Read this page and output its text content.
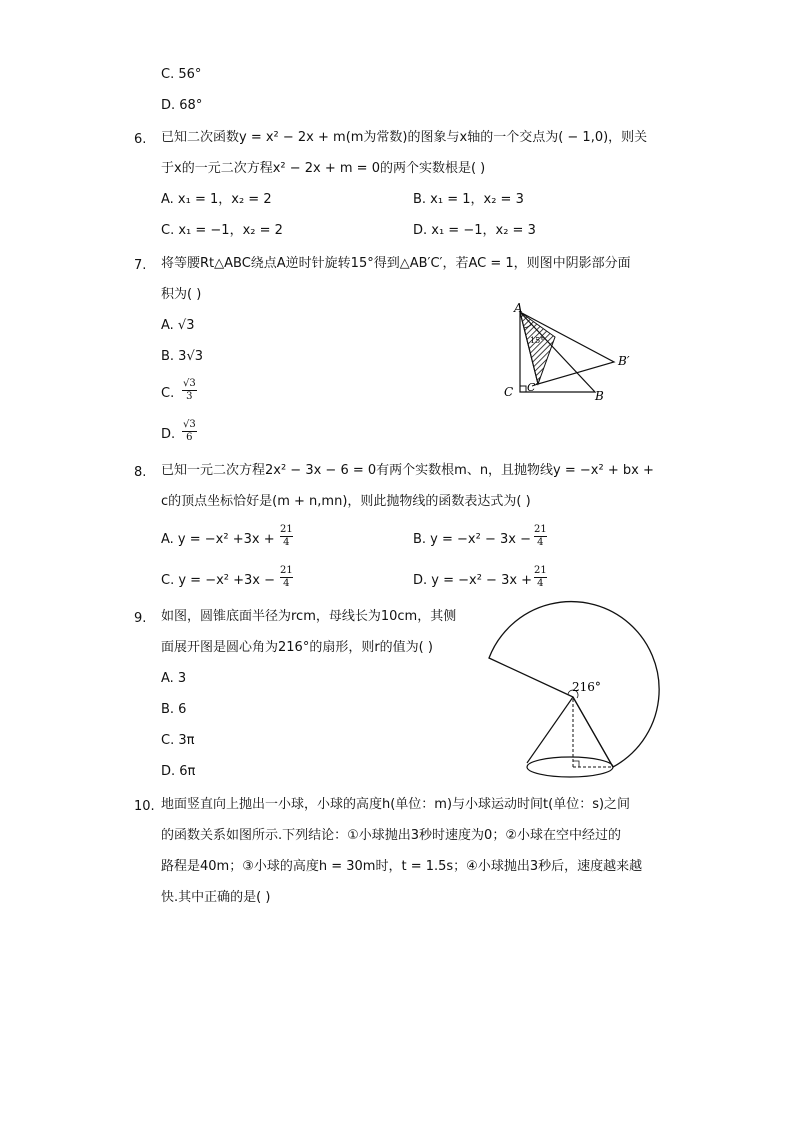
C. 56°
D. 68°
6. 已知二次函数y = x² − 2x + m(m为常数)的图象与x轴的一个交点为( − 1,0)，则关
于x的一元二次方程x² − 2x + m = 0的两个实数根是( )
A. x₁ = 1，x₂ = 2	B. x₁ = 1，x₂ = 3
C. x₁ = −1，x₂ = 2	D. x₁ = −1，x₂ = 3
7. 将等腰Rt△ABC绕点A逆时针旋转15°得到△AB′C′，若AC = 1，则图中阴影部分面
积为( )
A. √3
B. 3√3
C. $\frac{√3}{3}$
D. $\frac{√3}{6}$
15°
A
C C′
B
B′
8. 已知一元二次方程2x² − 3x − 6 = 0有两个实数根m、n，且抛物线y = −x² + bx +
c的顶点坐标恰好是(m + n,mn)，则此抛物线的函数表达式为( )
A. $y = -x^2 +3x + \frac{21}{4}$	B. $y = -x^2 - 3x - \frac{21}{4}$
C. $y = -x^2 +3x - \frac{21}{4}$	D. $y = -x^2 - 3x + \frac{21}{4}$
9. 如图，圆锥底面半径为rcm，母线长为10cm，其侧
面展开图是圆心角为216°的扇形，则r的值为( )
A. 3
B. 6
C. 3π
D. 6π
216°
10. 地面竖直向上抛出一小球，小球的高度h(单位：m)与小球运动时间t(单位：s)之间
的函数关系如图所示.下列结论：①小球抛出3秒时速度为0；②小球在空中经过的
路程是40m；③小球的高度h = 30m时，t = 1.5s；④小球抛出3秒后，速度越来越
快.其中正确的是( )
